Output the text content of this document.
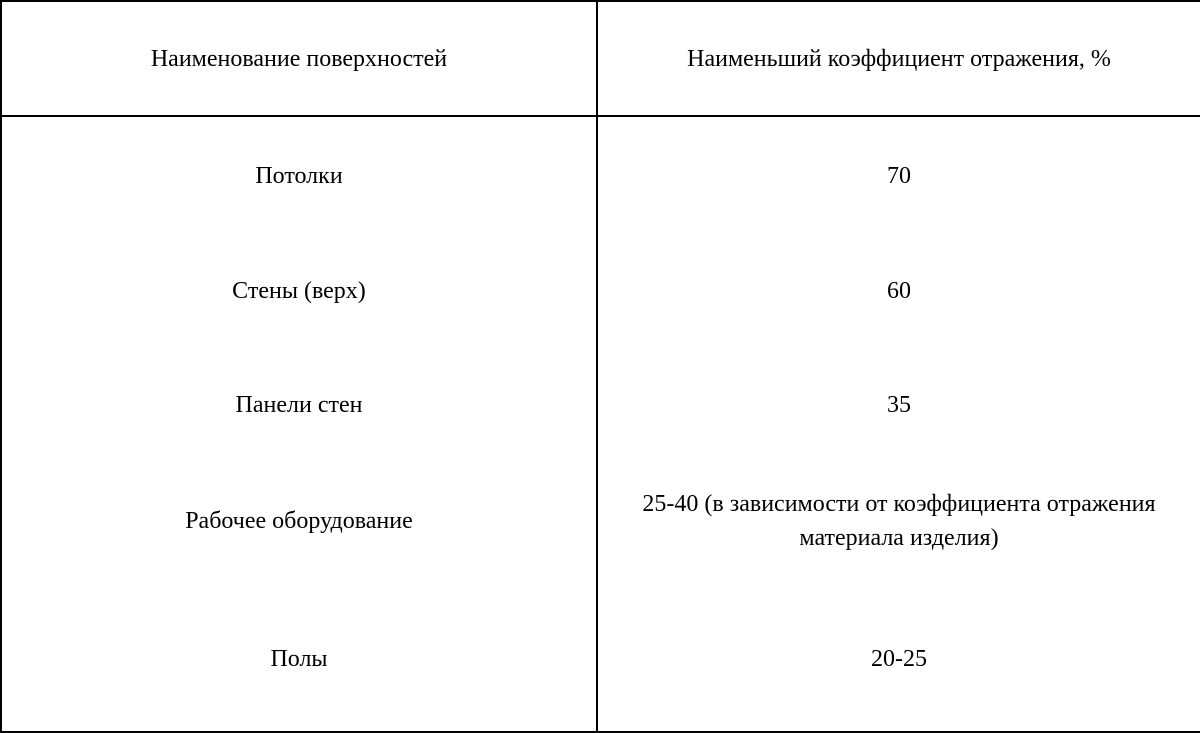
Наименование поверхностей	Наименьший коэффициент отражения, %
Потолки	70
Стены (верх)	60
Панели стен	35
Рабочее оборудование	25-40 (в зависимости от коэффициента отражения материала изделия)
Полы	20-25
